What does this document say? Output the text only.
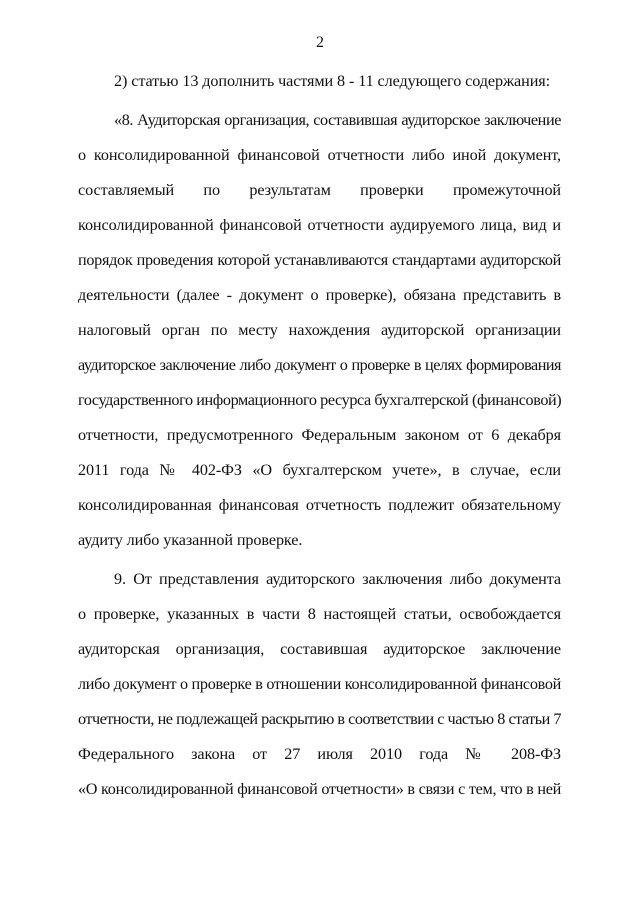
2
2) статью 13 дополнить частями 8 - 11 следующего содержания:
«8. Аудиторская организация, составившая аудиторское заключение
о консолидированной финансовой отчетности либо иной документ,
составляемый по результатам проверки промежуточной
консолидированной финансовой отчетности аудируемого лица, вид и
порядок проведения которой устанавливаются стандартами аудиторской
деятельности (далее - документ о проверке), обязана представить в
налоговый орган по месту нахождения аудиторской организации
аудиторское заключение либо документ о проверке в целях формирования
государственного информационного ресурса бухгалтерской (финансовой)
отчетности, предусмотренного Федеральным законом от 6 декабря
2011 года № 402-ФЗ «О бухгалтерском учете», в случае, если
консолидированная финансовая отчетность подлежит обязательному
аудиту либо указанной проверке.
9. От представления аудиторского заключения либо документа
о проверке, указанных в части 8 настоящей статьи, освобождается
аудиторская организация, составившая аудиторское заключение
либо документ о проверке в отношении консолидированной финансовой
отчетности, не подлежащей раскрытию в соответствии с частью 8 статьи 7
Федерального закона от 27 июля 2010 года № 208-ФЗ
«О консолидированной финансовой отчетности» в связи с тем, что в ней
